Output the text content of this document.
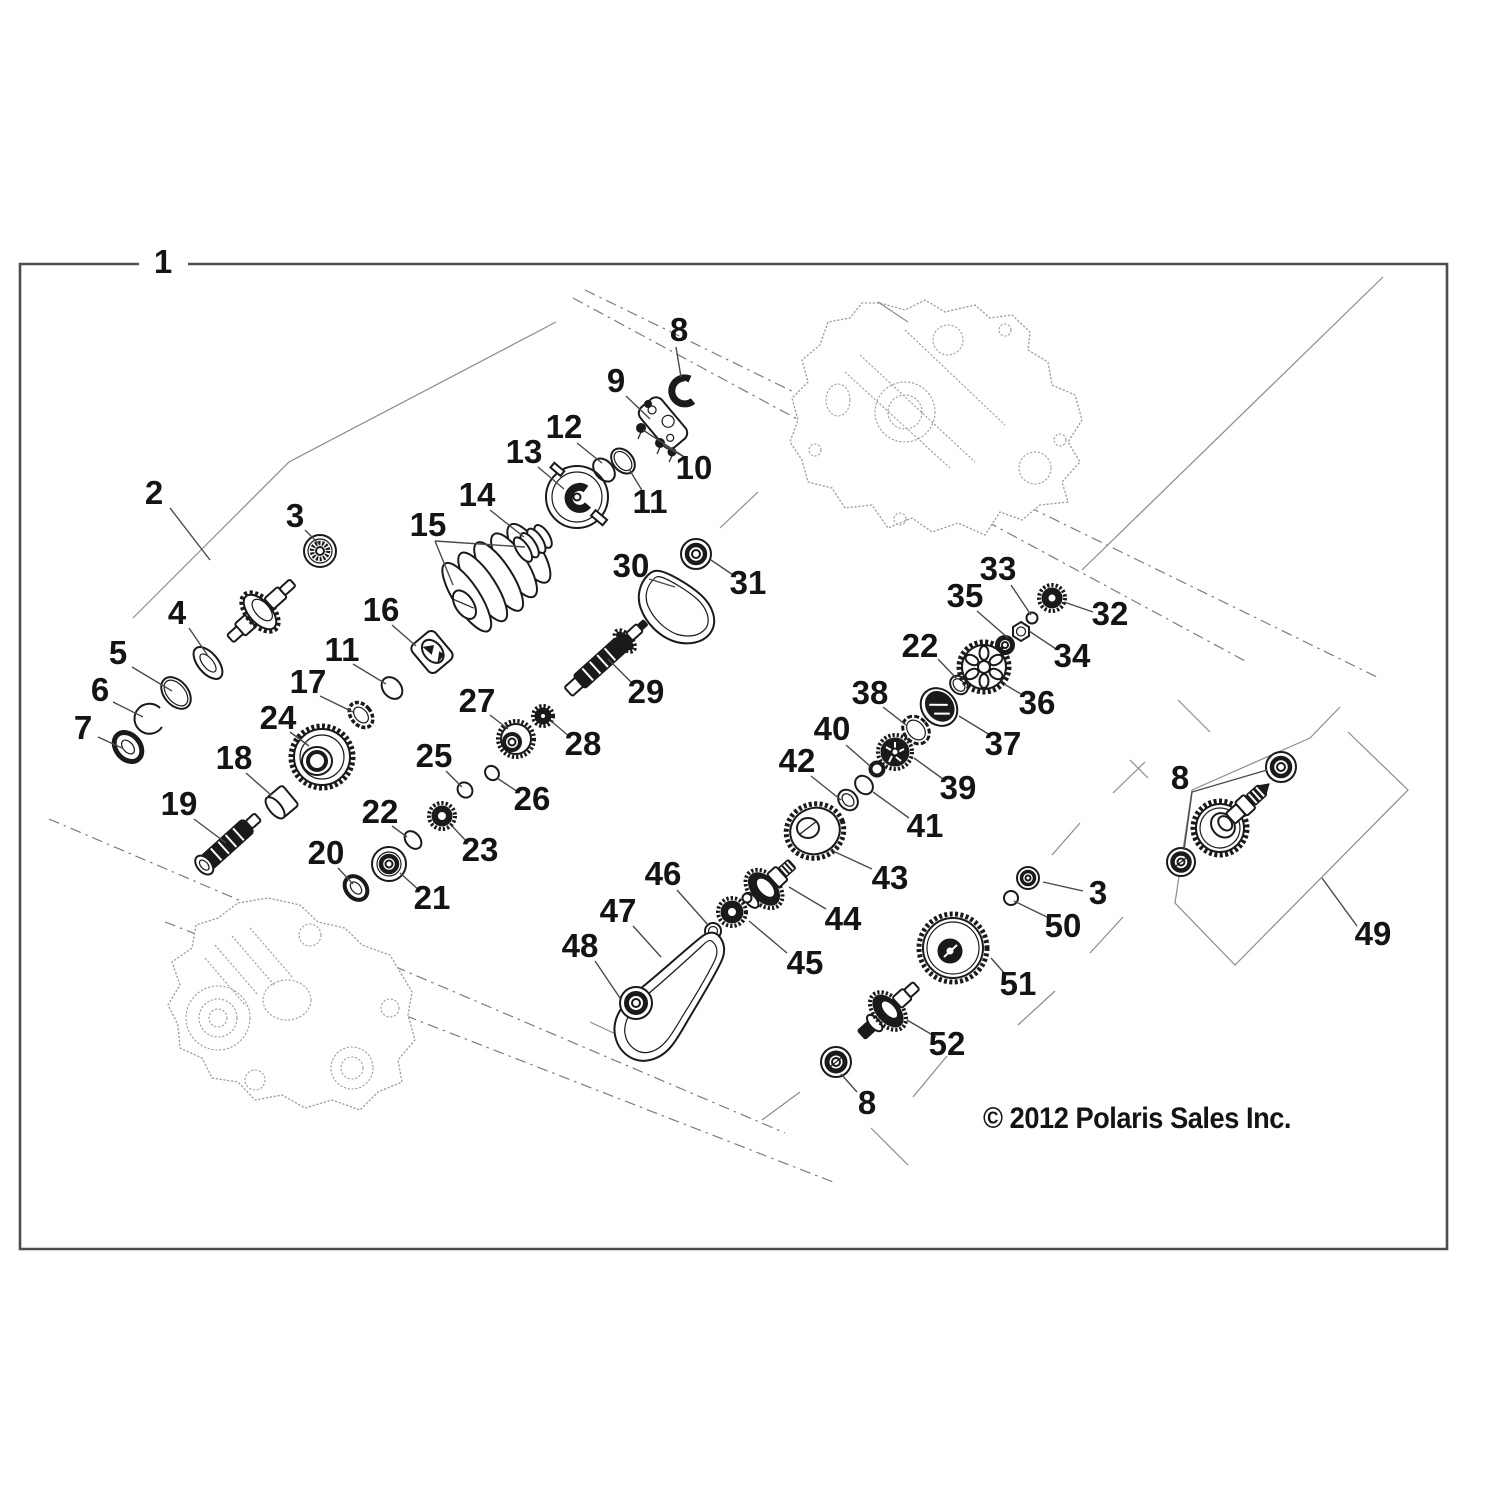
1
2
3
4
5
6
7
8
9
10
11
12
13
14
15
16
11
17
24
18
19
20
21
22
23
25
26
27
28
29
30 31
32
33
34
35
22
36
37
38
39
40
41
42
43
44
45
46
47
48	49
50
3
51
52
8
8
© 2012 Polaris Sales Inc.
